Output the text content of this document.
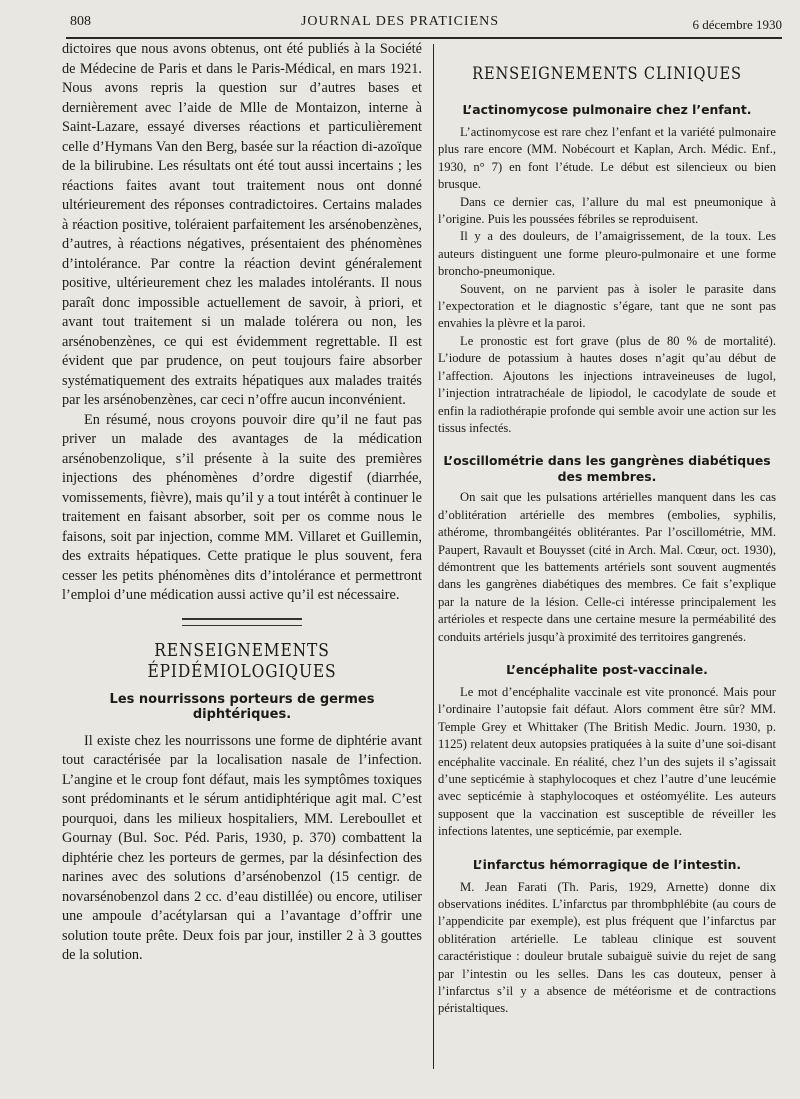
808	JOURNAL DES PRATICIENS	6 décembre 1930

dictoires que nous avons obtenus, ont été publiés à la Société de Médecine de Paris et dans le Paris-Médical, en mars 1921. Nous avons repris la question sur d’autres bases et dernièrement avec l’aide de Mlle de Montaizon, interne à Saint-Lazare, essayé diverses réactions et particulièrement celle d’Hymans Van den Berg, basée sur la réaction di-azoïque de la bilirubine. Les résultats ont été tout aussi incertains ; les réactions faites avant tout traitement nous ont donné ultérieurement des réponses contradictoires. Certains malades à réaction positive, toléraient parfaitement les arsénobenzènes, d’autres, à réactions négatives, présentaient des phénomènes d’intolérance. Par contre la réaction devint généralement positive, ultérieurement chez les malades intolérants. Il nous paraît donc impossible actuellement de savoir, à priori, et avant tout traitement si un malade tolérera ou non, les arsénobenzènes, ce qui est évidemment regrettable. Il est évident que par prudence, on peut toujours faire absorber systématiquement des extraits hépatiques aux malades traités par les arsénobenzènes, car ceci n’offre aucun inconvénient.

En résumé, nous croyons pouvoir dire qu’il ne faut pas priver un malade des avantages de la médication arsénobenzolique, s’il présente à la suite des premières injections des phénomènes d’ordre digestif (diarrhée, vomissements, fièvre), mais qu’il y a tout intérêt à continuer le traitement en faisant absorber, soit per os comme nous le faisons, soit par injection, comme MM. Villaret et Guillemin, des extraits hépatiques. Cette pratique le plus souvent, fera cesser les petits phénomènes dits d’intolérance et permettront l’emploi d’une médication aussi active qu’il est nécessaire.

RENSEIGNEMENTS ÉPIDÉMIOLOGIQUES
Les nourrissons porteurs de germes diphtériques.

Il existe chez les nourrissons une forme de diphtérie avant tout caractérisée par la localisation nasale de l’infection. L’angine et le croup font défaut, mais les symptômes toxiques sont prédominants et le sérum antidiphtérique agit mal. C’est pourquoi, dans les milieux hospitaliers, MM. Lereboullet et Gournay (Bul. Soc. Péd. Paris, 1930, p. 370) combattent la diphtérie chez les porteurs de germes, par la désinfection des narines avec des solutions d’arsénobenzol (15 centigr. de novarsénobenzol dans 2 cc. d’eau distillée) ou encore, utiliser une ampoule d’acétylarsan qui a l’avantage d’offrir une solution toute prête. Deux fois par jour, instiller 2 à 3 gouttes de la solution.

RENSEIGNEMENTS CLINIQUES
L’actinomycose pulmonaire chez l’enfant.

L’actinomycose est rare chez l’enfant et la variété pulmonaire plus rare encore (MM. Nobécourt et Kaplan, Arch. Médic. Enf., 1930, n° 7) en font l’étude. Le début est silencieux ou bien brusque.

Dans ce dernier cas, l’allure du mal est pneumonique à l’origine. Puis les poussées fébriles se reproduisent.

Il y a des douleurs, de l’amaigrissement, de la toux. Les auteurs distinguent une forme pleuro-pulmonaire et une forme broncho-pneumonique.

Souvent, on ne parvient pas à isoler le parasite dans l’expectoration et le diagnostic s’égare, tant que ne sont pas envahies la plèvre et la paroi.

Le pronostic est fort grave (plus de 80 % de mortalité). L’iodure de potassium à hautes doses n’agit qu’au début de l’affection. Ajoutons les injections intraveineuses de lugol, l’injection intratrachéale de lipiodol, le cacodylate de soude et enfin la radiothérapie profonde qui semble avoir une action sur les tissus infectés.

L’oscillométrie dans les gangrènes diabétiques des membres.

On sait que les pulsations artérielles manquent dans les cas d’oblitération artérielle des membres (embolies, syphilis, athérome, thrombangéités oblitérantes. Par l’oscillométrie, MM. Paupert, Ravault et Bouysset (cité in Arch. Mal. Cœur, oct. 1930), démontrent que les battements artériels sont souvent augmentés dans les gangrènes diabétiques des membres. Ce fait s’explique par la nature de la lésion. Celle-ci intéresse principalement les artérioles et respecte dans une certaine mesure la perméabilité des conduits artériels jusqu’à proximité des territoires gangrenés.

L’encéphalite post-vaccinale.

Le mot d’encéphalite vaccinale est vite prononcé. Mais pour l’ordinaire l’autopsie fait défaut. Alors comment être sûr? MM. Temple Grey et Whittaker (The British Medic. Journ. 1930, p. 1125) relatent deux autopsies pratiquées à la suite d’une soi-disant encéphalite vaccinale. En réalité, chez l’un des sujets il s’agissait d’une septicémie à staphylocoques et chez l’autre d’une leucémie avec septicémie à staphylocoques et ostéomyélite. Les auteurs supposent que la vaccination est susceptible de réveiller les infections latentes, une septicémie, par exemple.

L’infarctus hémorragique de l’intestin.

M. Jean Farati (Th. Paris, 1929, Arnette) donne dix observations inédites. L’infarctus par thrombphlébite (au cours de l’appendicite par exemple), est plus fréquent que l’infarctus par oblitération artérielle. Le tableau clinique est souvent caractéristique : douleur brutale subaiguë suivie du rejet de sang par l’intestin ou les selles. Dans les cas douteux, penser à l’infarctus s’il y a absence de météorisme et de contractions péristaltiques.
